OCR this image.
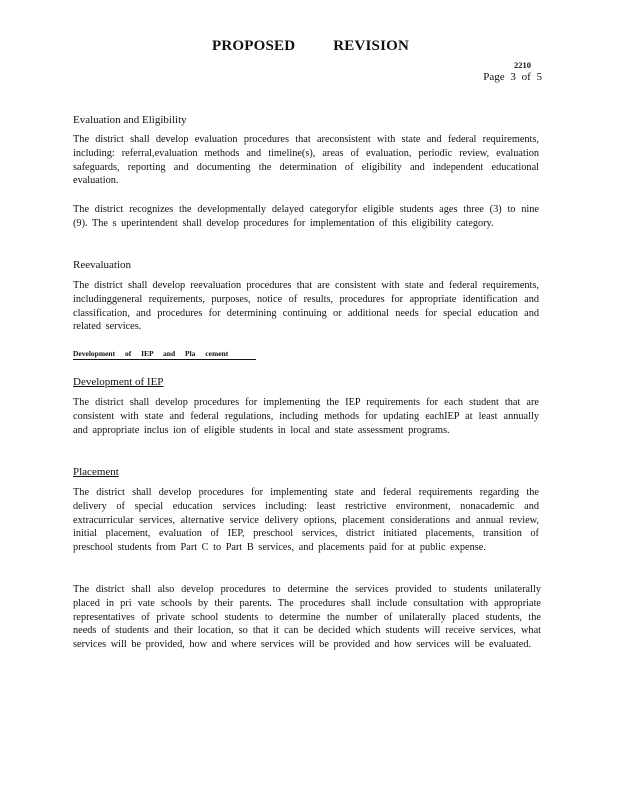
PROPOSED REVISION
2210
Page 3 of 5
Evaluation and Eligibility
The district shall develop evaluation procedures that areconsistent with state and federal requirements, including: referral,evaluation methods and timeline(s), areas of evaluation, periodic review, evaluation safeguards, reporting and documenting the determination of eligibility and independent educational evaluation.
The district recognizes the developmentally delayed categoryfor eligible students ages three (3) to nine (9). The s uperintendent shall develop procedures for implementation of this eligibility category.
Reevaluation
The district shall develop reevaluation procedures that are consistent with state and federal requirements, includinggeneral requirements, purposes, notice of results, procedures for appropriate identification and classification, and procedures for determining continuing or additional needs for special education and related services.
Development of IEP and Pla cement
Development of IEP
The district shall develop procedures for implementing the IEP requirements for each student that are consistent with state and federal regulations, including methods for updating eachIEP at least annually and appropriate inclus ion of eligible students in local and state assessment programs.
Placement
The district shall develop procedures for implementing state and federal requirements regarding the delivery of special education services including: least restrictive environment, nonacademic and extracurricular services, alternative service delivery options, placement considerations and annual review, initial placement, evaluation of IEP, preschool services, district initiated placements, transition of preschool students from Part C to Part B services, and placements paid for at public expense.
The district shall also develop procedures to determine the services provided to students unilaterally placed in pri vate schools by their parents. The procedures shall include consultation with appropriate representatives of private school students to determine the number of unilaterally placed students, the needs of students and their location, so that it can be decided which students will receive services, what services will be provided, how and where services will be provided and how services will be evaluated.
